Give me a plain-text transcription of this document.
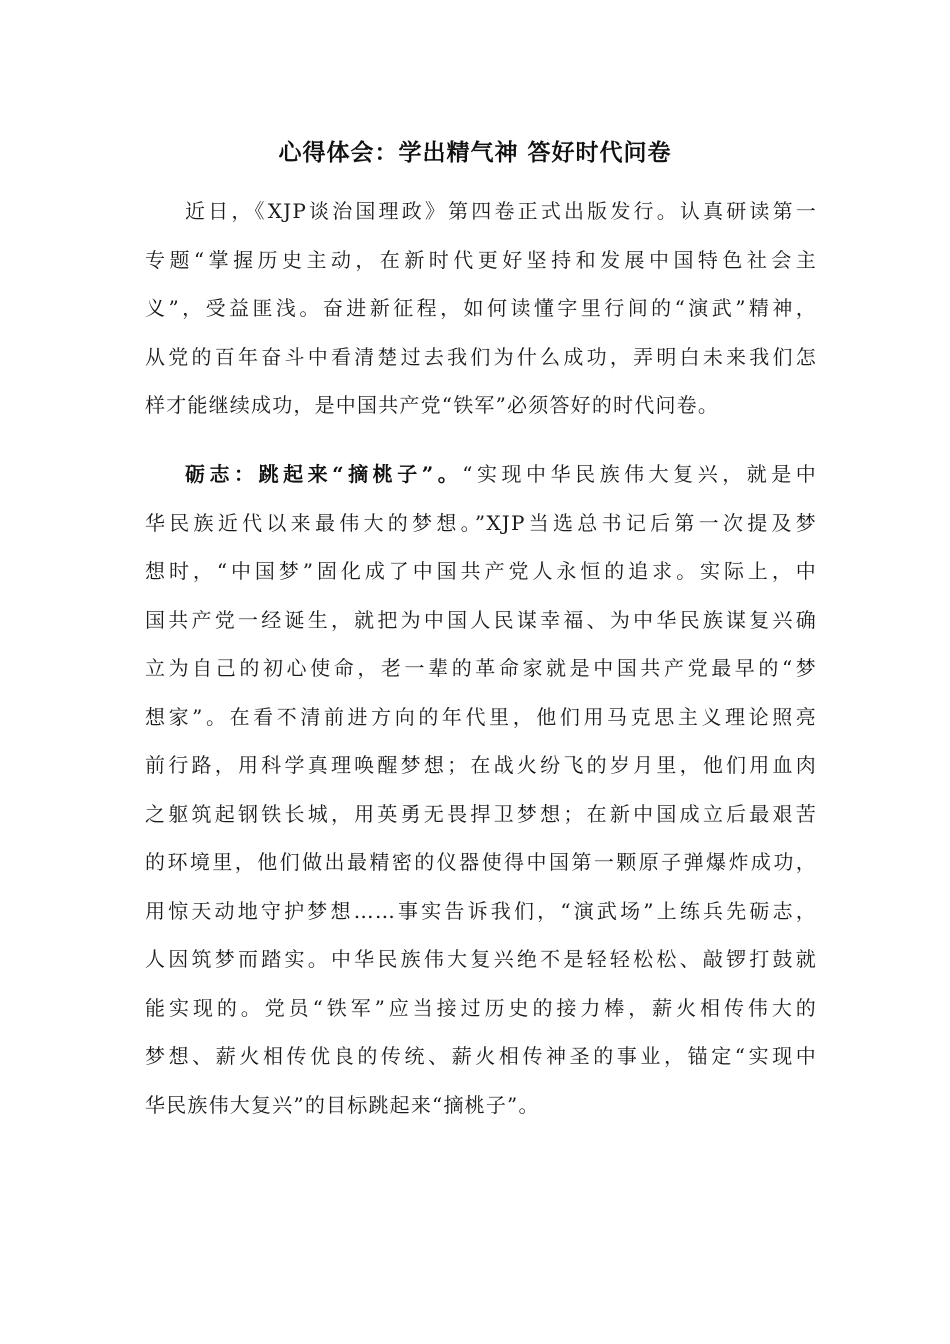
心得体会：学出精气神 答好时代问卷
近日，《XJP谈治国理政》第四卷正式出版发行。认真研读第一
专题“掌握历史主动，在新时代更好坚持和发展中国特色社会主
义”，受益匪浅。奋进新征程，如何读懂字里行间的“演武”精神，
从党的百年奋斗中看清楚过去我们为什么成功，弄明白未来我们怎
样才能继续成功，是中国共产党“铁军”必须答好的时代问卷。
砺志：跳起来“摘桃子”。“实现中华民族伟大复兴，就是中
华民族近代以来最伟大的梦想。”XJP当选总书记后第一次提及梦
想时，“中国梦”固化成了中国共产党人永恒的追求。实际上，中
国共产党一经诞生，就把为中国人民谋幸福、为中华民族谋复兴确
立为自己的初心使命，老一辈的革命家就是中国共产党最早的“梦
想家”。在看不清前进方向的年代里，他们用马克思主义理论照亮
前行路，用科学真理唤醒梦想；在战火纷飞的岁月里，他们用血肉
之躯筑起钢铁长城，用英勇无畏捍卫梦想；在新中国成立后最艰苦
的环境里，他们做出最精密的仪器使得中国第一颗原子弹爆炸成功，
用惊天动地守护梦想……事实告诉我们，“演武场”上练兵先砺志，
人因筑梦而踏实。中华民族伟大复兴绝不是轻轻松松、敲锣打鼓就
能实现的。党员“铁军”应当接过历史的接力棒，薪火相传伟大的
梦想、薪火相传优良的传统、薪火相传神圣的事业，锚定“实现中
华民族伟大复兴”的目标跳起来“摘桃子”。
